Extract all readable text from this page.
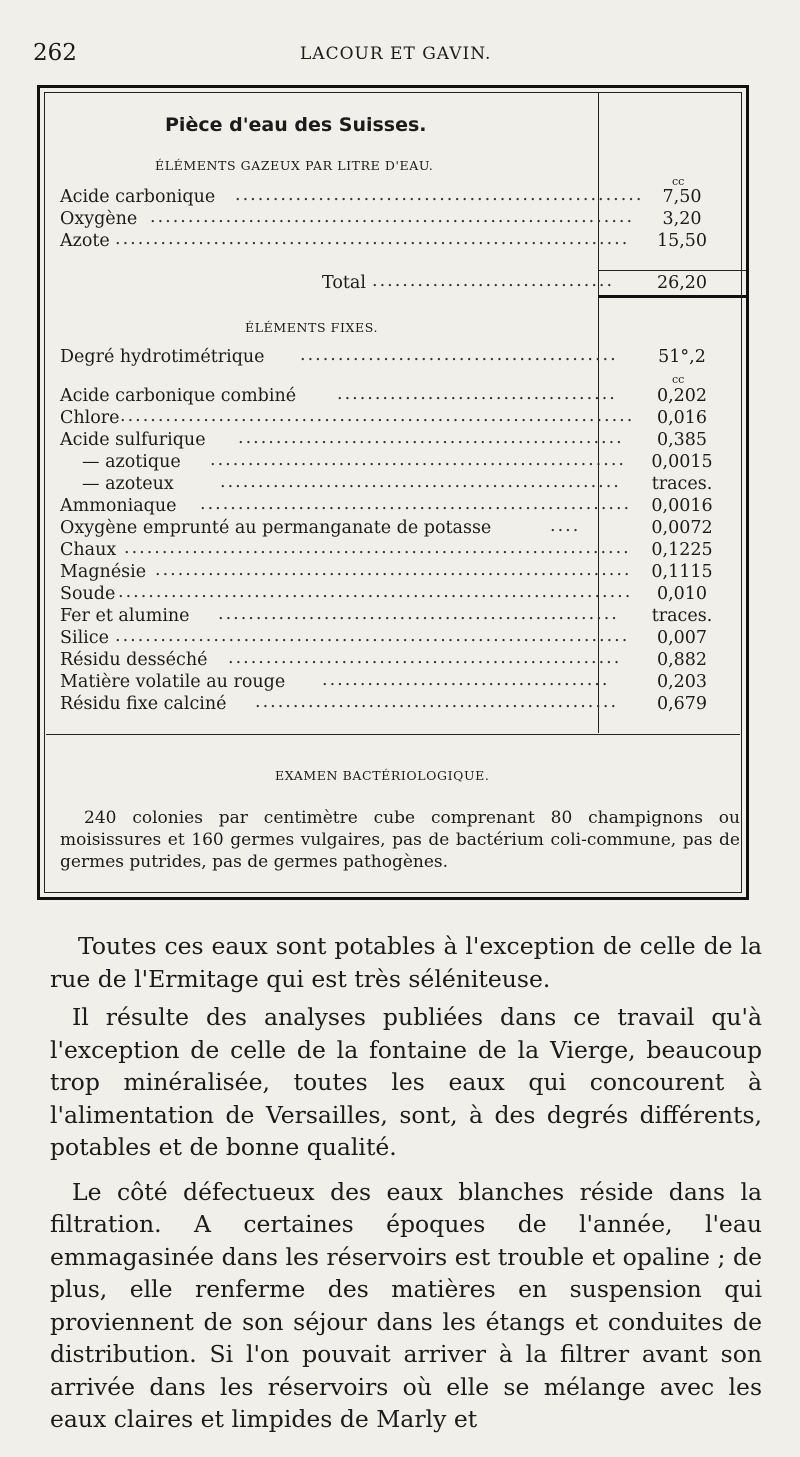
262	LACOUR ET GAVIN.
Pièce d'eau des Suisses.
ÉLÉMENTS GAZEUX PAR LITRE D'EAU.
cc
Acide carbonique ......................................................	7,50
Oxygène ................................................................	3,20
Azote ....................................................................	15,50
Total ................................	26,20
ÉLÉMENTS FIXES.
Degré hydrotimétrique ..........................................	51°,2
cc
Acide carbonique combiné .....................................	0,202
Chlore ....................................................................	0,016
Acide sulfurique ...................................................	0,385
— azotique ....................................................... 0,0015
— azoteux	..................................................... traces.
Ammoniaque ......................................................... 0,0016
Oxygène emprunté au permanganate de potasse	....	0,0072
Chaux ................................................................... 0,1225
Magnésie ............................................................... 0,1115
Soude ....................................................................	0,010
Fer et alumine ..................................................... traces.
Silice ....................................................................	0,007
Résidu desséché ....................................................	0,882
Matière volatile au rouge ......................................	0,203
Résidu fixe calciné ................................................	0,679
EXAMEN BACTÉRIOLOGIQUE.
240 colonies par centimètre cube comprenant 80 champignons ou moisissures et 160 germes vulgaires, pas de bactérium coli-commune, pas de germes putrides, pas de germes pathogènes.

Toutes ces eaux sont potables à l'exception de celle de la rue de l'Ermitage qui est très séléniteuse.

Il résulte des analyses publiées dans ce travail qu'à l'exception de celle de la fontaine de la Vierge, beaucoup trop minéralisée, toutes les eaux qui concourent à l'alimentation de Versailles, sont, à des degrés différents, potables et de bonne qualité.

Le côté défectueux des eaux blanches réside dans la filtration. A certaines époques de l'année, l'eau emmagasinée dans les réservoirs est trouble et opaline ; de plus, elle renferme des matières en suspension qui proviennent de son séjour dans les étangs et conduites de distribution. Si l'on pouvait arriver à la filtrer avant son arrivée dans les réservoirs où elle se mélange avec les eaux claires et limpides de Marly et
